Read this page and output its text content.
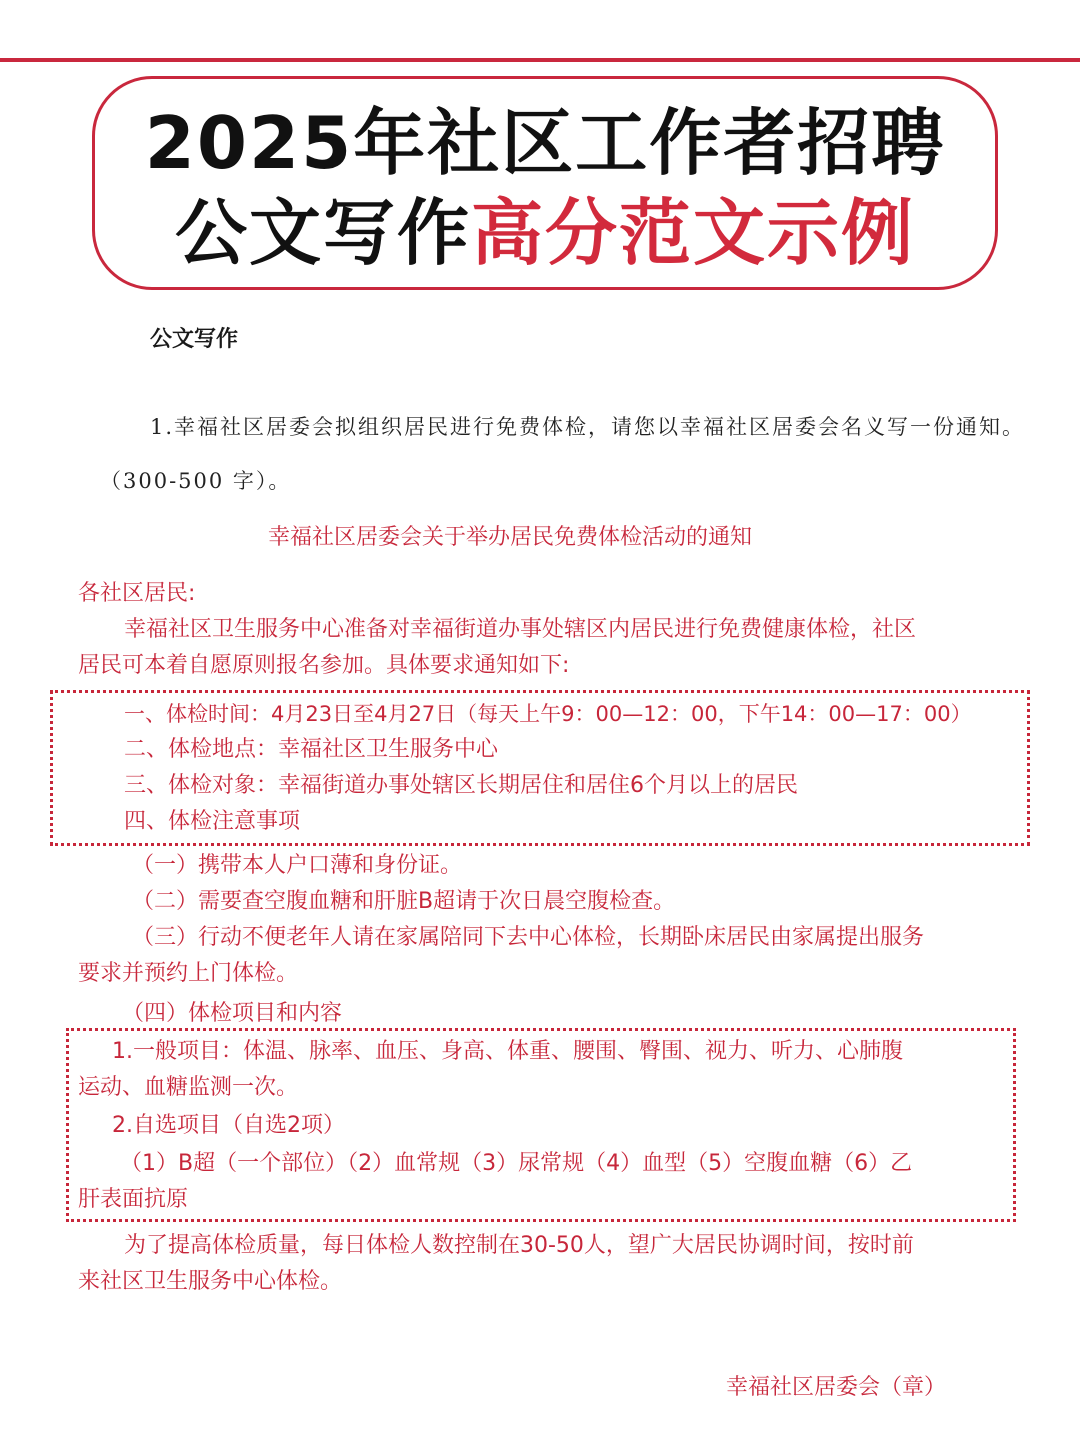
2025年社区工作者招聘
公文写作高分范文示例
公文写作
1.幸福社区居委会拟组织居民进行免费体检，请您以幸福社区居委会名义写一份通知。（300-500 字）。
幸福社区居委会关于举办居民免费体检活动的通知
各社区居民:
幸福社区卫生服务中心准备对幸福街道办事处辖区内居民进行免费健康体检，社区
居民可本着自愿原则报名参加。具体要求通知如下:
一、体检时间：4月23日至4月27日（每天上午9：00—12：00，下午14：00—17：00）
二、体检地点：幸福社区卫生服务中心
三、体检对象：幸福街道办事处辖区长期居住和居住6个月以上的居民
四、体检注意事项
（一）携带本人户口薄和身份证。
（二）需要查空腹血糖和肝脏B超请于次日晨空腹检查。
（三）行动不便老年人请在家属陪同下去中心体检，长期卧床居民由家属提出服务
要求并预约上门体检。
（四）体检项目和内容
1.一般项目：体温、脉率、血压、身高、体重、腰围、臀围、视力、听力、心肺腹
运动、血糖监测一次。
2.自选项目（自选2项）
（1）B超（一个部位）（2）血常规（3）尿常规（4）血型（5）空腹血糖（6）乙
肝表面抗原
为了提高体检质量，每日体检人数控制在30-50人，望广大居民协调时间，按时前
来社区卫生服务中心体检。
幸福社区居委会（章）
